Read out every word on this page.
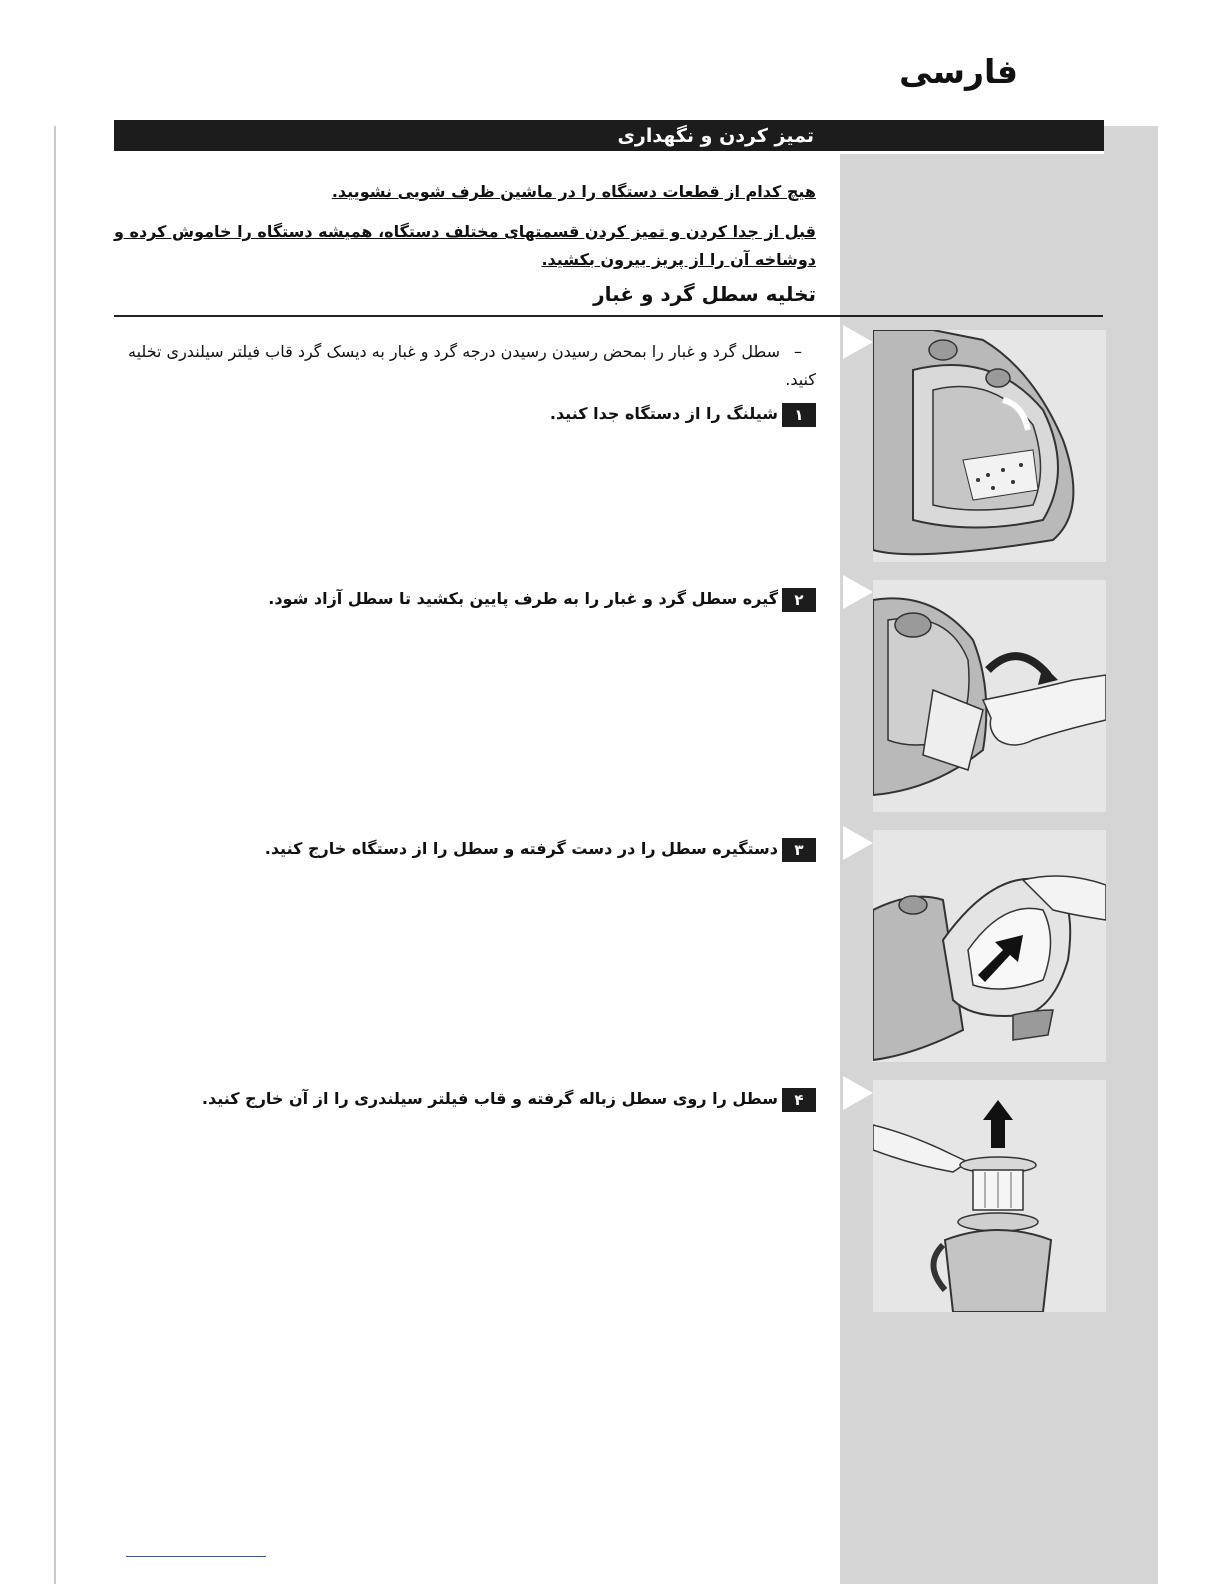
فارسی
تمیز کردن و نگهداری
هیچ کدام از قطعات دستگاه را در ماشین ظرف شویی نشویید.
قبل از جدا کردن و تمیز کردن قسمتهای مختلف دستگاه، همیشه دستگاه را خاموش کرده و دوشاخه آن را از پریز بیرون بکشید.
تخلیه سطل گرد و غبار
–سطل گرد و غبار را بمحض رسیدن رسیدن درجه گرد و غبار به دیسک گرد قاب فیلتر سیلندری تخلیه کنید.
۱شیلنگ را از دستگاه جدا کنید.
۲گیره سطل گرد و غبار را به طرف پایین بکشید تا سطل آزاد شود.
۳دستگیره سطل را در دست گرفته و سطل را از دستگاه خارج کنید.
۴سطل را روی سطل زباله گرفته و قاب فیلتر سیلندری را از آن خارج کنید.
